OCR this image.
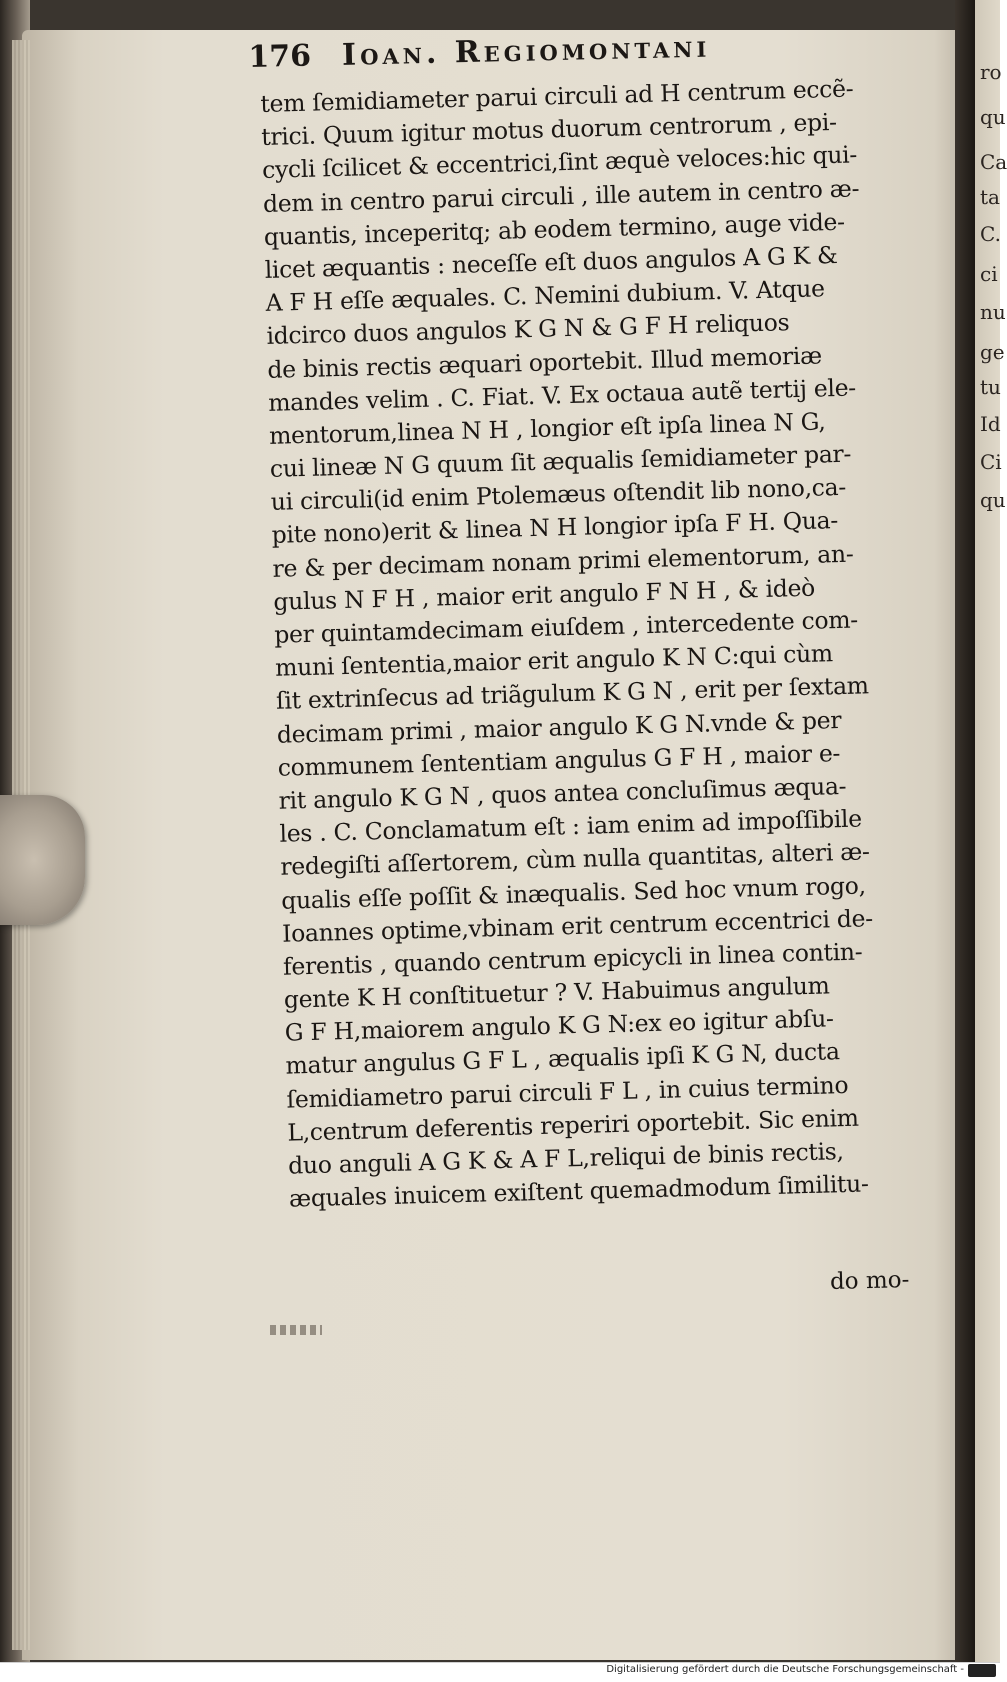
ro
qu
Ca
ta
C.
ci
nu
ge
tu
Id
Ci
qu
176 Ioan. Regiomontani
tem ſemidiameter parui circuli ad H centrum eccẽ-
trici. Quum igitur motus duorum centrorum , epi-
cycli ſcilicet & eccentrici,ſint æquè veloces:hic qui-
dem in centro parui circuli , ille autem in centro æ-
quantis, inceperitq; ab eodem termino, auge vide-
licet æquantis : neceſſe eſt duos angulos A G K &
A F H eſſe æquales. C. Nemini dubium. V. Atque
idcirco duos angulos K G N & G F H reliquos
de binis rectis æquari oportebit. Illud memoriæ
mandes velim . C. Fiat. V. Ex octaua autẽ tertij ele-
mentorum,linea N H , longior eſt ipſa linea N G,
cui lineæ N G quum ſit æqualis ſemidiameter par-
ui circuli(id enim Ptolemæus oſtendit lib nono,ca-
pite nono)erit & linea N H longior ipſa F H. Qua-
re & per decimam nonam primi elementorum, an-
gulus N F H , maior erit angulo F N H , & ideò
per quintamdecimam eiuſdem , intercedente com-
muni ſententia,maior erit angulo K N C:qui cùm
ſit extrinſecus ad triãgulum K G N , erit per ſextam
decimam primi , maior angulo K G N.vnde & per
communem ſententiam angulus G F H , maior e-
rit angulo K G N , quos antea concluſimus æqua-
les . C. Conclamatum eſt : iam enim ad impoſſibile
redegiſti aſſertorem, cùm nulla quantitas, alteri æ-
qualis eſſe poſſit & inæqualis. Sed hoc vnum rogo,
Ioannes optime,vbinam erit centrum eccentrici de-
ferentis , quando centrum epicycli in linea contin-
gente K H conſtituetur ? V. Habuimus angulum
G F H,maiorem angulo K G N:ex eo igitur abſu-
matur angulus G F L , æqualis ipſi K G N, ducta
ſemidiametro parui circuli F L , in cuius termino
L,centrum deferentis reperiri oportebit. Sic enim
duo anguli A G K & A F L,reliqui de binis rectis,
æquales inuicem exiſtent quemadmodum ſimilitu-
do mo-
Digitalisierung gefördert durch die Deutsche Forschungsgemeinschaft -
